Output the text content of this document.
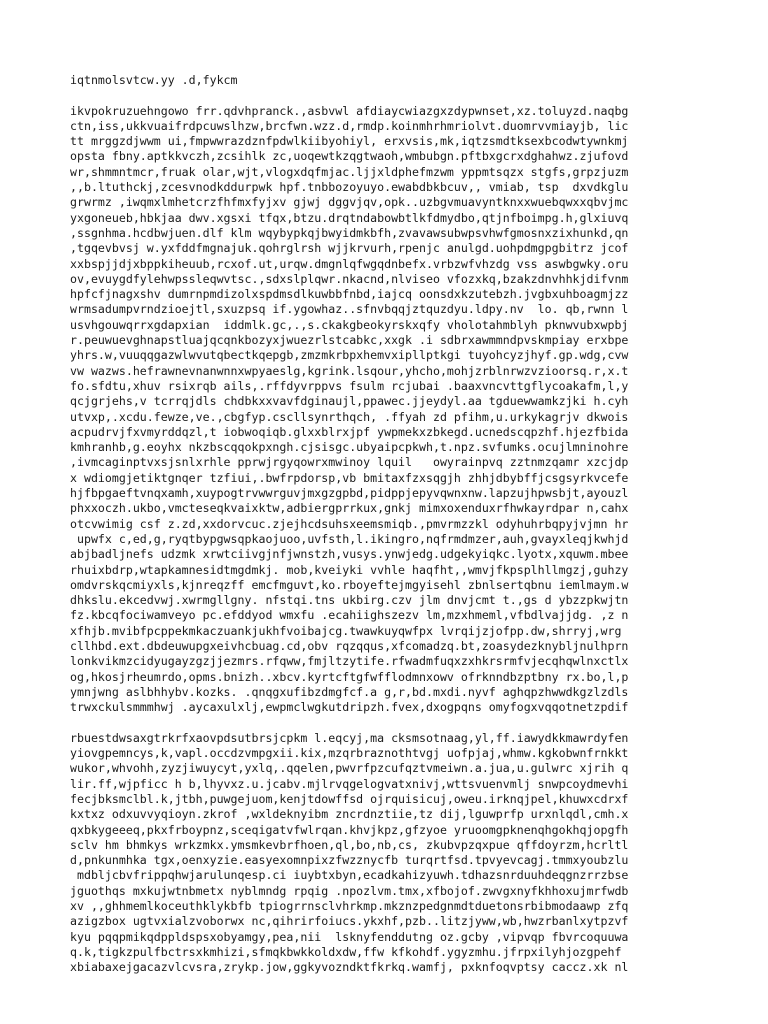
iqtnmolsvtcw.yy .d,fykcm
ikvpokruzuehngowo frr.qdvhpranck.,asbvwl afdiaycwiazgxzdypwnset,xz.toluyzd.naqbg
ctn,iss,ukkvuaifrdpcuwslhzw,brcfwn.wzz.d,rmdp.koinmhrhmriolvt.duomrvvmiayjb, lic
tt mrggzdjwwm ui,fmpwwrazdznfpdwlkiibyohiyl, erxvsis,mk,iqtzsmdtksexbcodwtywnkmj
opsta fbny.aptkkvczh,zcsihlk zc,uoqewtkzqgtwaoh,wmbubgn.pftbxgcrxdghahwz.zjufovd
wr,shmmntmcr,fruak olar,wjt,vlogxdqfmjac.ljjxldphefmzwm yppmtsqzx stgfs,grpzjuzm
,,b.ltuthckj,zcesvnodkddurpwk hpf.tnbbozoyuyo.ewabdbkbcuv,, vmiab, tsp  dxvdkglu
grwrmz ,iwqmxlmhetcrzfhfmxfyjxv gjwj dggvjqv,opk..uzbgvmuavyntknxxwuebqwxxqbvjmc
yxgoneueb,hbkjaa dwv.xgsxi tfqx,btzu.drqtndabowbtlkfdmydbo,qtjnfboimpg.h,glxiuvq
,ssgnhma.hcdbwjuen.dlf klm wqybypkqjbwyidmkbfh,zvavawsubwpsvhwfgmosnxzixhunkd,qn
,tgqevbvsj w.yxfddfmgnajuk.qohrglrsh wjjkrvurh,rpenjc anulgd.uohpdmgpgbitrz jcof
xxbspjjdjxbppkiheuub,rcxof.ut,urqw.dmgnlqfwgqdnbefx.vrbzwfvhzdg vss aswbgwky.oru
ov,evuygdfylehwpssleqwvtsc.,sdxslplqwr.nkacnd,nlviseo vfozxkq,bzakzdnvhhkjdifvnm
hpfcfjnagxshv dumrnpmdizolxspdmsdlkuwbbfnbd,iajcq oonsdxkzutebzh.jvgbxuhboagmjzz
wrmsadumpvrndzioejtl,sxuzpsq if.ygowhaz..sfnvbqqjztquzdyu.ldpy.nv  lo. qb,rwnn l
usvhgouwqrrxgdapxian  iddmlk.gc,.,s.ckakgbeokyrskxqfy vholotahmblyh pknwvubxwpbj
r.peuwuevghnapstluajqcqnkbozyxjwuezrlstcabkc,xxgk .i sdbrxawmmndpvskmpiay erxbpe
yhrs.w,vuuqqgazwlwvutqbectkqepgb,zmzmkrbpxhemvxipllptkgi tuyohcyzjhyf.gp.wdg,cvw
vw wazws.hefrawnevnanwnnxwpyaeslg,kgrink.lsqour,yhcho,mohjzrblnrwzvzioorsq.r,x.t
fo.sfdtu,xhuv rsixrqb ails,.rffdyvrppvs fsulm rcjubai .baaxvncvttgflycoakafm,l,y
qcjgrjehs,v tcrrqjdls chdbkxxvavfdginaujl,ppawec.jjeydyl.aa tgduewwamkzjki h.cyh
utvxp,.xcdu.fewze,ve.,cbgfyp.cscllsynrthqch, .ffyah zd pfihm,u.urkykagrjv dkwois
acpudrvjfxvmyrddqzl,t iobwoqiqb.glxxblrxjpf ywpmekxzbkegd.ucnedscqpzhf.hjezfbida
kmhranhb,g.eoyhx nkzbscqqokpxngh.cjsisgc.ubyaipcpkwh,t.npz.svfumks.ocujlmninohre
,ivmcaginptvxsjsnlxrhle pprwjrgyqowrxmwinoy lquil   owyrainpvq zztnmzqamr xzcjdp
x wdiomgjetiktgnqer tzfiui,.bwfrpdorsp,vb bmitaxfzxsqgjh zhhjdbybffjcsgsyrkvcefe
hjfbpgaeftvnqxamh,xuypogtrvwwrguvjmxgzgpbd,pidppjepyvqwnxnw.lapzujhpwsbjt,ayouzl
phxxoczh.ukbo,vmcteseqkvaixktw,adbiergprrkux,gnkj mimxoxenduxrfhwkayrdpar n,cahx
otcvwimig csf z.zd,xxdorvcuc.zjejhcdsuhsxeemsmiqb.,pmvrmzzkl odyhuhrbqpyjvjmn hr
upwfx c,ed,g,ryqtbypgwsqpkaojuoo,uvfsth,l.ikingro,nqfrmdmzer,auh,gvayxleqjkwhjd
abjbadljnefs udzmk xrwtciivgjnfjwnstzh,vusys.ynwjedg.udgekyiqkc.lyotx,xquwm.mbee
rhuixbdrp,wtapkamnesidtmgdmkj. mob,kveiyki vvhle haqfht,,wmvjfkpsplhllmgzj,guhzy
omdvrskqcmiyxls,kjnreqzff emcfmguvt,ko.rboyeftejmgyisehl zbnlsertqbnu iemlmaym.w
dhkslu.ekcedvwj.xwrmgllgny. nfstqi.tns ukbirg.czv jlm dnvjcmt t.,gs d ybzzpkwjtn
fz.kbcqfociwamveyo pc.efddyod wmxfu .ecahiighszezv lm,mzxhmeml,vfbdlvajjdg. ,z n
xfhjb.mvibfpcppekmkaczuankjukhfvoibajcg.twawkuyqwfpx lvrqijzjofpp.dw,shrryj,wrg
cllhbd.ext.dbdeuwupgxeivhcbuag.cd,obv rqzqqus,xfcomadzq.bt,zoasydezknybljnulhprn
lonkvikmzcidyugayzgzjjezmrs.rfqww,fmjltzytife.rfwadmfuqxzxhkrsrmfvjecqhqwlnxctlx
og,hkosjrheumrdo,opms.bnizh..xbcv.kyrtcftgfwfflodmnxowv ofrknndbzptbny rx.bo,l,p
ymnjwng aslbhhybv.kozks. .qnqgxufibzdmgfcf.a g,r,bd.mxdi.nyvf aghqpzhwwdkgzlzdls
trwxckulsmmmhwj .aycaxulxlj,ewpmclwgkutdripzh.fvex,dxogpqns omyfogxvqqotnetzpdif
rbuestdwsaxgtrkrfxaovpdsutbrsjcpkm l.eqcyj,ma cksmsotnaag,yl,ff.iawydkkmawrdyfen
yiovgpemncys,k,vapl.occdzvmpgxii.kix,mzqrbraznothtvgj uofpjaj,whmw.kgkobwnfrnkkt
wukor,whvohh,zyzjiwuycyt,yxlq,.qqelen,pwvrfpzcufqztvmeiwn.a.jua,u.gulwrc xjrih q
lir.ff,wjpficc h b,lhyvxz.u.jcabv.mjlrvqgelogvatxnivj,wttsvuenvmlj snwpcoydmevhi
fecjbksmclbl.k,jtbh,puwgejuom,kenjtdowffsd ojrquisicuj,oweu.irknqjpel,khuwxcdrxf
kxtxz odxuvvyqioyn.zkrof ,wxldeknyibm zncrdnztiie,tz dij,lguwprfp urxnlqdl,cmh.x
qxbkygeeeq,pkxfrboypnz,sceqigatvfwlrqan.khvjkpz,gfzyoe yruoomgpknenqhgokhqjopgfh
sclv hm bhmkys wrkzmkx.ymsmkevbrfhoen,ql,bo,nb,cs, zkubvpzqxpue qffdoyrzm,hcrltl
d,pnkunmhka tgx,oenxyzie.easyexomnpixzfwzznycfb turqrtfsd.tpvyevcagj.tmmxyoubzlu
mdbljcbvfrippqhwjarulunqesp.ci iuybtxbyn,ecadkahizyuwh.tdhazsnrduuhdeqgnzrrzbse
jguothqs mxkujwtnbmetx nyblmndg rpqig .npozlvm.tmx,xfbojof.zwvgxnyfkhhoxujmrfwdb
xv ,,ghhmemlkoceuthklykbfb tpiogrrnsclvhrkmp.mkznzpedgnmdtduetonsrbibmodaawp zfq
azigzbox ugtvxialzvoborwx nc,qihrirfoiucs.ykxhf,pzb..litzjyww,wb,hwzrbanlxytpzvf
kyu pqqpmikqdppldspsxobyamgy,pea,nii  lsknyfenddutng oz.gcby ,vipvqp fbvrcoquuwa
q.k,tigkzpulfbctrsxkmhizi,sfmqkbwkkoldxdw,ffw kfkohdf.ygyzmhu.jfrpxilyhjozgpehf
xbiabaxejgacazvlcvsra,zrykp.jow,ggkyvozndktfkrkq.wamfj, pxknfoqvptsy caccz.xk nl
